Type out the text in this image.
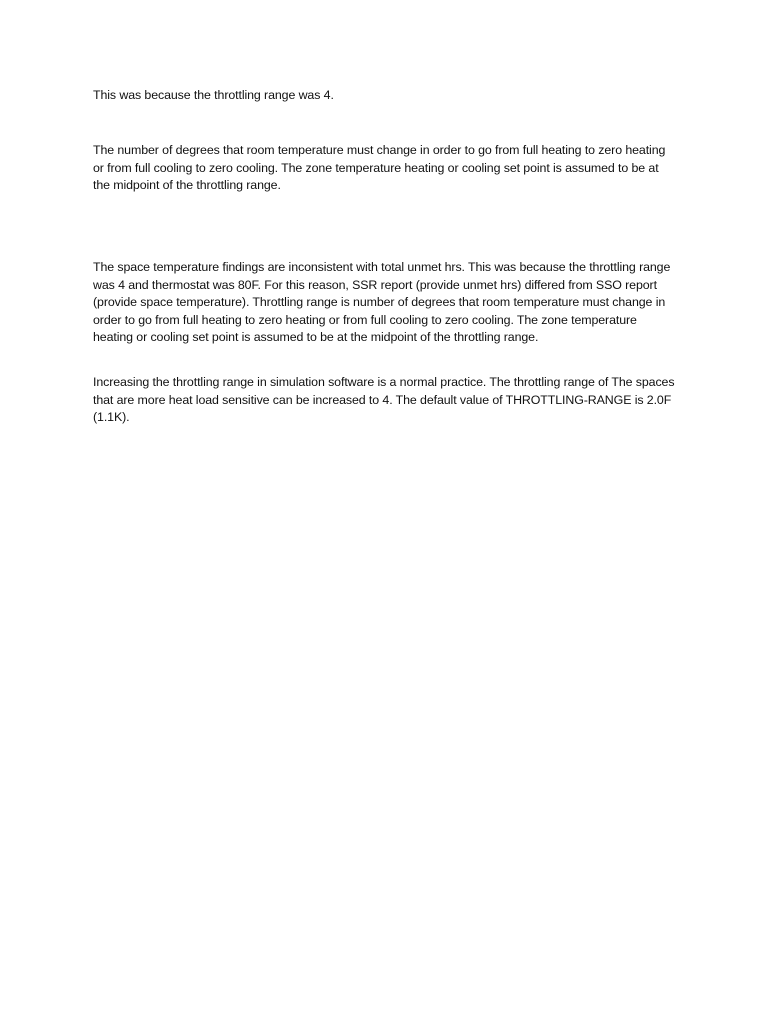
This was because the throttling range was 4.

The number of degrees that room temperature must change in order to go from full heating to zero heating or from full cooling to zero cooling. The zone temperature heating or cooling set point is assumed to be at the midpoint of the throttling range.

The space temperature findings are inconsistent with total unmet hrs. This was because the throttling range was 4 and thermostat was 80F. For this reason, SSR report (provide unmet hrs) differed from SSO report (provide space temperature). Throttling range is number of degrees that room temperature must change in order to go from full heating to zero heating or from full cooling to zero cooling. The zone temperature heating or cooling set point is assumed to be at the midpoint of the throttling range.

Increasing the throttling range in simulation software is a normal practice. The throttling range of The spaces that are more heat load sensitive can be increased to 4. The default value of THROTTLING-RANGE is 2.0F (1.1K).
